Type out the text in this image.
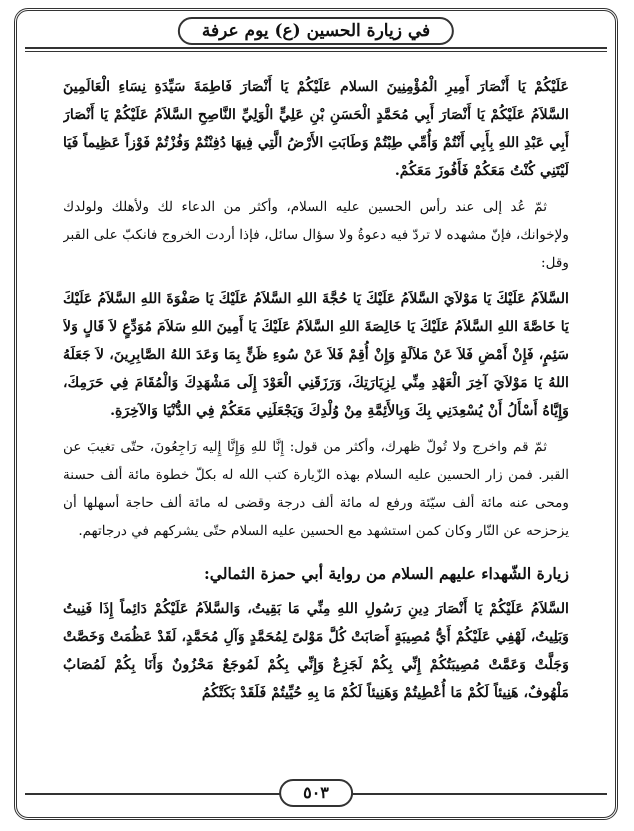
في زيارة الحسين (ع) يوم عرفة

عَلَيْكُمْ يَا أَنْصَارَ أَمِيرِ الْمُؤْمِنِينَ السلام عَلَيْكُمْ يَا أَنْصَارَ فَاطِمَةَ سَيِّدَةِ نِسَاءِ الْعَالَمِينَ السَّلاَمُ عَلَيْكُمْ يَا أَنْصَارَ أَبِي مُحَمَّدٍ الْحَسَنِ بْنِ عَلِيٍّ الْوَلِيِّ النَّاصِحِ السَّلاَمُ عَلَيْكُمْ يَا أَنْصَارَ أَبِي عَبْدِ اللهِ بِأَبِي أَنْتُمْ وَأُمِّي طِبْتُمْ وَطَابَتِ الأَرْضُ الَّتِي فِيهَا دُفِنْتُمْ وَفُزْتُمْ فَوْزاً عَظِيماً فَيَا لَيْتَنِي كُنْتُ مَعَكُمْ فَأَفُوزَ مَعَكُمْ.

ثمّ عُد إلى عند رأس الحسين عليه السلام، وأكثر من الدعاء لك ولأهلك ولولدك ولإخوانك، فإنّ مشهده لا تردّ فيه دعوةُ ولا سؤال سائل، فإذا أردت الخروج فانكبّ على القبر وقل:

السَّلاَمُ عَلَيْكَ يَا مَوْلاَيَ السَّلاَمُ عَلَيْكَ يَا حُجَّةَ اللهِ السَّلاَمُ عَلَيْكَ يَا صَفْوَةَ اللهِ السَّلاَمُ عَلَيْكَ يَا خَاصَّةَ اللهِ السَّلاَمُ عَلَيْكَ يَا خَالِصَةَ اللهِ السَّلاَمُ عَلَيْكَ يَا أَمِينَ اللهِ سَلاَمَ مُوَدِّعٍ لاَ قَالٍ وَلاَ سَئِمٍ، فَإِنْ أَمْضِ فَلاَ عَنْ مَلاَلَةٍ وَإِنْ أُقِمْ فَلاَ عَنْ سُوءِ ظَنٍّ بِمَا وَعَدَ اللهُ الصَّابِرِينَ، لاَ جَعَلَهُ اللهُ يَا مَوْلاَيَ آخِرَ الْعَهْدِ مِنِّي لِزِيَارَتِكَ، وَرَزَقَنِي الْعَوْدَ إِلَى مَشْهَدِكَ وَالْمُقَامَ فِي حَرَمِكَ، وَإِيَّاهُ أَسْأَلُ أَنْ يُسْعِدَنِي بِكَ وَبِالأَئِمَّةِ مِنْ وُلْدِكَ وَيَجْعَلَنِي مَعَكُمْ فِي الدُّنْيَا وَالآخِرَةِ.

ثمّ قم واخرج ولا تُولّ ظهرك، وأكثر من قول: إِنَّا للهِ وَإِنَّا إِليه رَاجِعُونَ، حتّى تغيبَ عن القبر. فمن زار الحسين عليه السلام بهذه الزّيارة كتب الله له بكلّ خطوة مائة ألف حسنة ومحى عنه مائة ألف سيّئة ورفع له مائة ألف درجة وقضى له مائة ألف حاجة أسهلها أن يزحزحه عن النّار وكان كمن استشهد مع الحسين عليه السلام حتّى يشركهم في درجاتهم.

زيارة الشّهداء عليهم السلام من رواية أبي حمزة الثمالي:

السَّلاَمُ عَلَيْكُمْ يَا أَنْصَارَ دِينِ رَسُولِ اللهِ مِنِّي مَا بَقِيتُ، وَالسَّلاَمُ عَلَيْكُمْ دَائِماً إِذَا فَنِيتُ وَبَلِيتُ، لَهْفِي عَلَيْكُمْ أَيُّ مُصِيبَةٍ أَصَابَتْ كُلَّ مَوْلىً لِمُحَمَّدٍ وَآلِ مُحَمَّدٍ، لَقَدْ عَظُمَتْ وَخَصَّتْ وَجَلَّتْ وَعَمَّتْ مُصِيبَتُكُمْ إِنِّي بِكُمْ لَجَزِعٌ وَإِنِّي بِكُمْ لَمُوجَعٌ مَحْزُونٌ وَأَنَا بِكُمْ لَمُصَابٌ مَلْهُوفٌ، هَنِيئاً لَكُمْ مَا أُعْطِيتُمْ وَهَنِيئاً لَكُمْ مَا بِهِ حُيِّيتُمْ فَلَقَدْ بَكَتْكُمُ

٥٠٣
